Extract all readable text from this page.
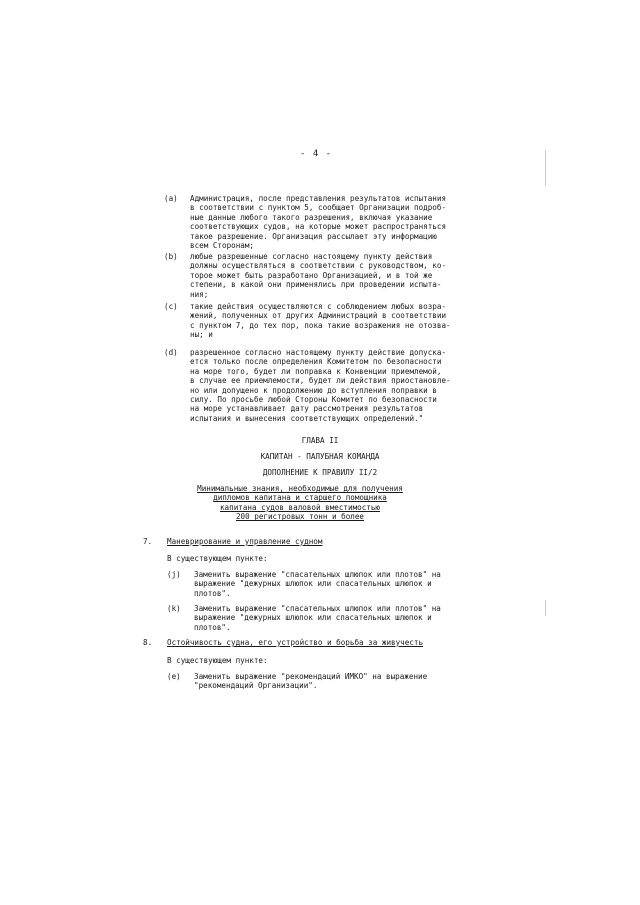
- 4 -
(a) Администрация, после представления результатов испытания
в соответствии с пунктом 5, сообщает Организации подроб-
ные данные любого такого разрешения, включая указание
соответствующих судов, на которые может распространяться
такое разрешение. Организация рассылает эту информацию
всем Сторонам;
(b) любые разрешенные согласно настоящему пункту действия
должны осуществляться в соответствии с руководством, ко-
торое может быть разработано Организацией, и в той же
степени, в какой они применялись при проведении испыта-
ния;
(c) такие действия осуществляются с соблюдением любых возра-
жений, полученных от других Администраций в соответствии
с пунктом 7, до тех пор, пока такие возражения не отозва-
ны; и
(d) разрешенное согласно настоящему пункту действие допуска-
ется только после определения Комитетом по безопасности
на море того, будет ли поправка к Конвенции приемлемой,
в случае ее приемлемости, будет ли действия приостановле-
но или допущено к продолжению до вступления поправки в
силу. По просьбе любой Стороны Комитет по безопасности
на море устанавливает дату рассмотрения результатов
испытания и вынесения соответствующих определений."
ГЛАВА II
КАПИТАН - ПАЛУБНАЯ КОМАНДА
ДОПОЛНЕНИЕ К ПРАВИЛУ II/2
Минимальные знания, необходимые для получения
дипломов капитана и старшего помощника
капитана судов валовой вместимостью
200 регистровых тонн и более
7. Маневрирование и управление судном
В существующем пункте:
(j) Заменить выражение "спасательных шлюпок или плотов" на
выражение "дежурных шлюпок или спасательных шлюпок и
плотов".
(k) Заменить выражение "спасательных шлюпок или плотов" на
выражение "дежурных шлюпок или спасательных шлюпок и
плотов".
8. Остойчивость судна, его устройство и борьба за живучесть
В существующем пункте:
(e) Заменить выражение "рекомендаций ИМКО" на выражение
"рекомендаций Организации".
